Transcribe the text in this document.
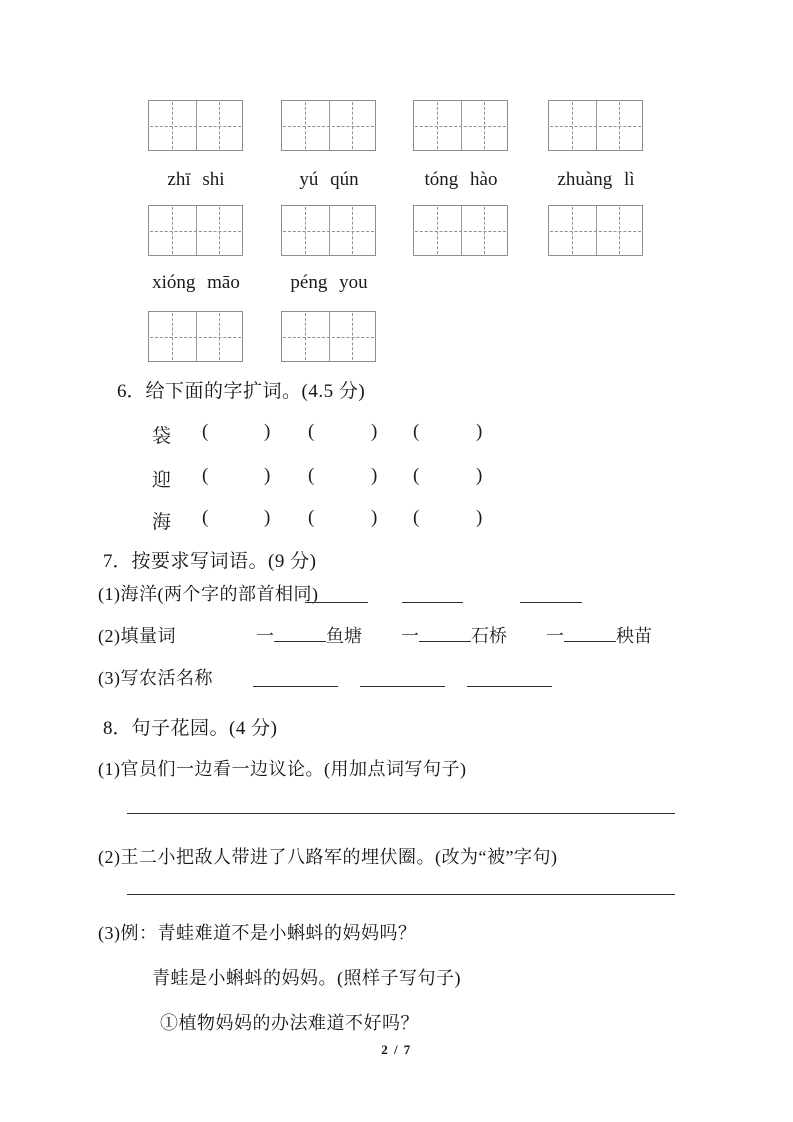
zhī shi	yú qún	tóng hào	zhuàng lì
xióng māo	péng you
6．给下面的字扩词。(4.5 分)
袋 (	) (	) (	)
迎 (	) (	) (	)
海 (	) (	) (	)
7．按要求写词语。(9 分)
(1)海洋(两个字的部首相同)
(2)填量词	一	鱼塘 一	石桥 一	秧苗
(3)写农活名称
8．句子花园。(4 分)
(1)官员们一边看一边议论。(用加点词写句子)
(2)王二小把敌人带进了八路军的埋伏圈。(改为“被”字句)
(3)例：青蛙难道不是小蝌蚪的妈妈吗？
青蛙是小蝌蚪的妈妈。(照样子写句子)
①植物妈妈的办法难道不好吗？
2 / 7
